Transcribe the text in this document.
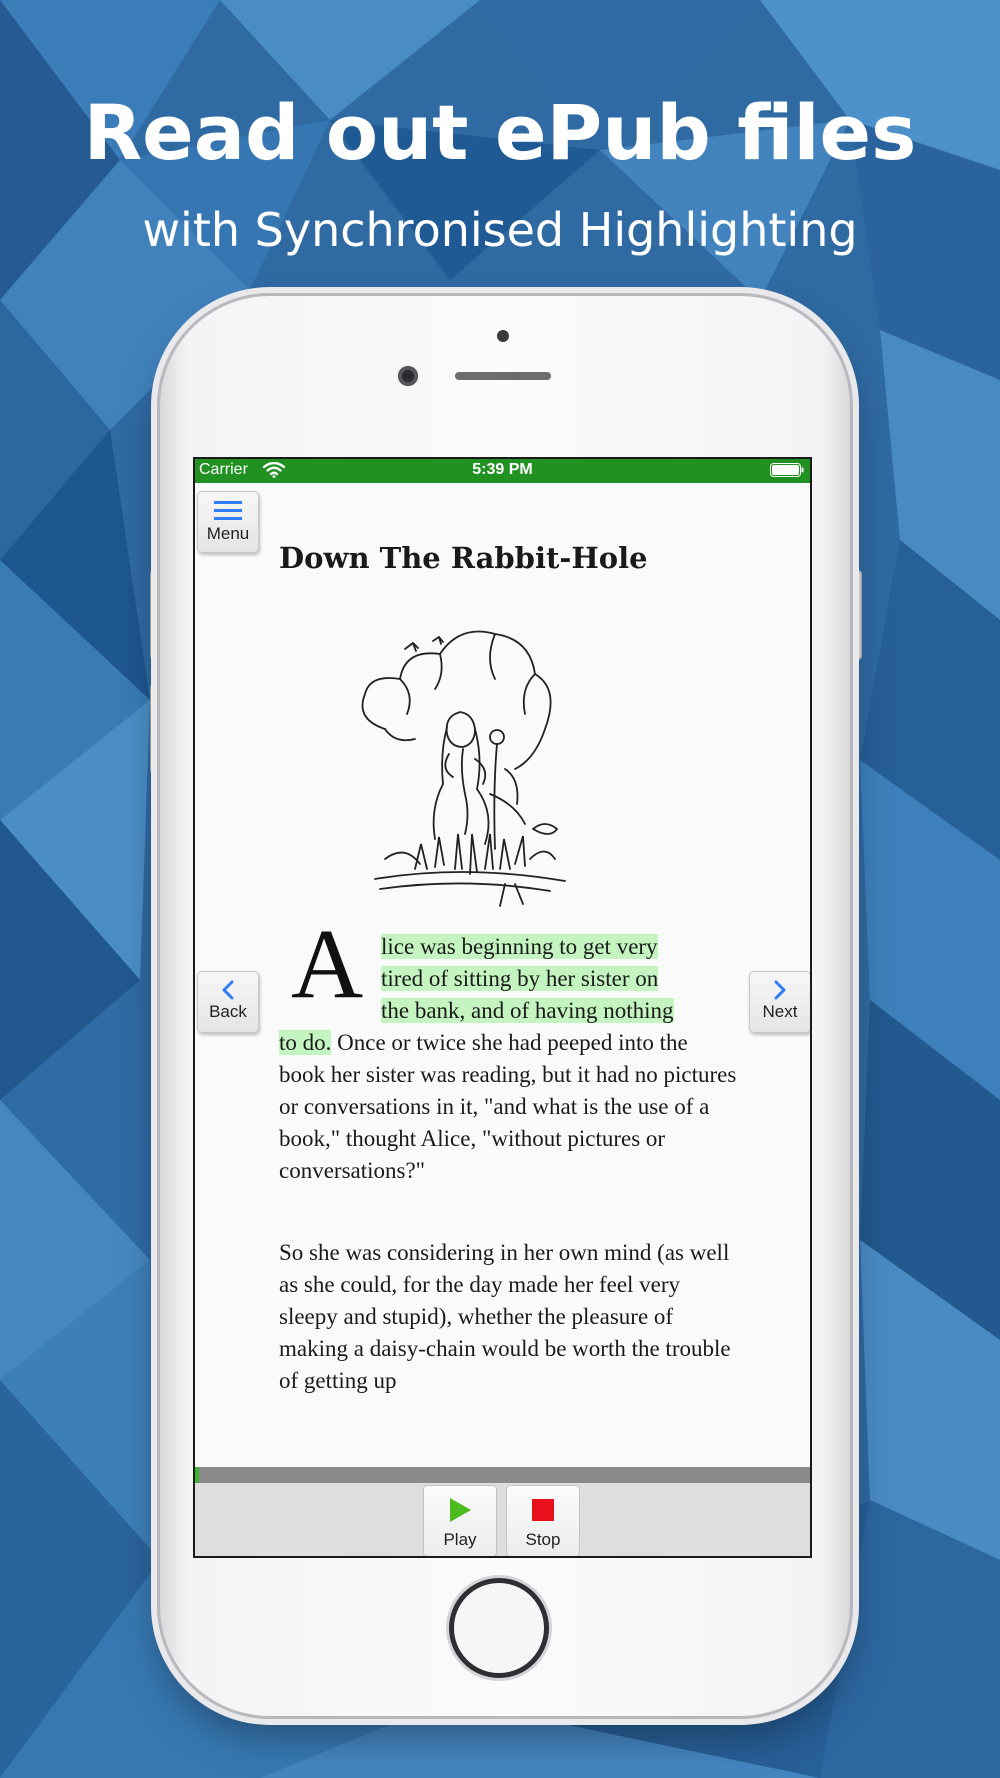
Read out ePub files
with Synchronised Highlighting
Carrier	5:39 PM
Menu
Down The Rabbit-Hole
A lice was beginning to get very
tired of sitting by her sister on
the bank, and of having nothing

to do. Once or twice she had peeped into the book her sister was reading, but it had no pictures or conversations in it, "and what is the use of a book," thought Alice, "without pictures or conversations?"

So she was considering in her own mind (as well as she could, for the day made her feel very sleepy and stupid), whether the pleasure of making a daisy-chain would be worth the trouble of getting up

Back	Next
Play	Stop
